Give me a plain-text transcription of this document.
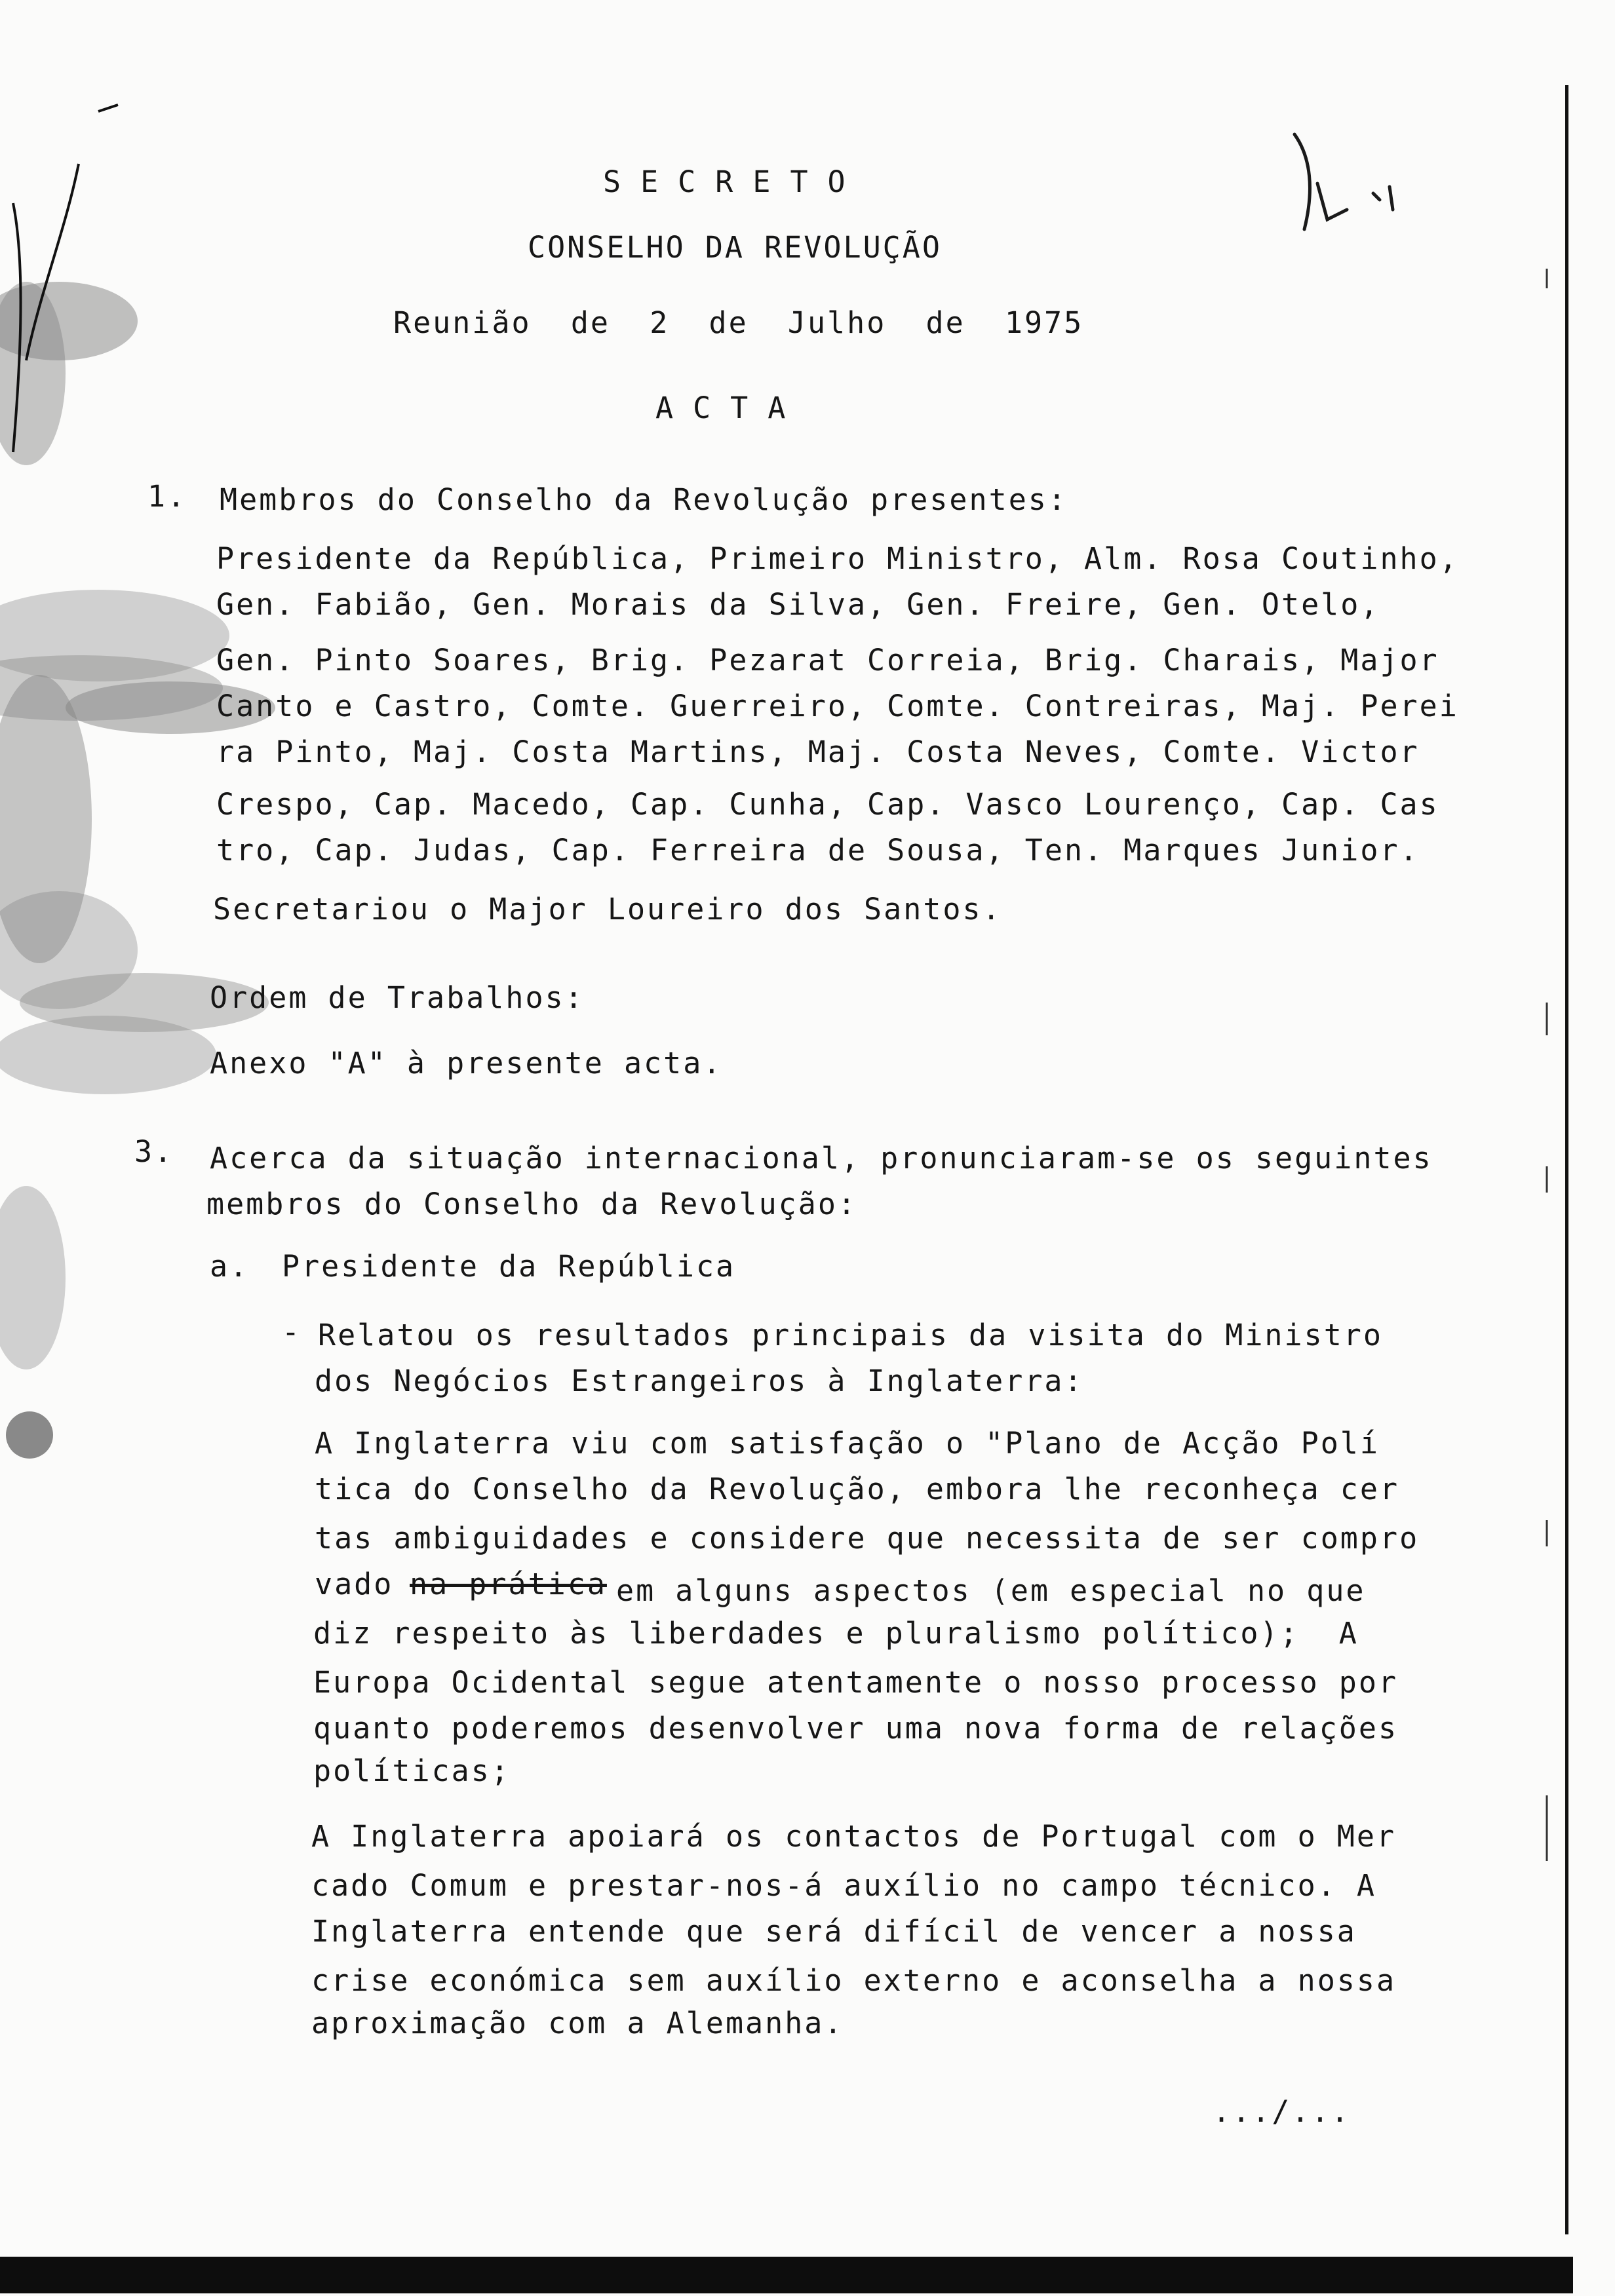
SECRETO
CONSELHO DA REVOLUÇÃO
Reunião  de  2  de  Julho  de  1975
ACTA
1. Membros do Conselho da Revolução presentes:
Presidente da República, Primeiro Ministro, Alm. Rosa Coutinho,
Gen. Fabião, Gen. Morais da Silva, Gen. Freire, Gen. Otelo,
Gen. Pinto Soares, Brig. Pezarat Correia, Brig. Charais, Major
Canto e Castro, Comte. Guerreiro, Comte. Contreiras, Maj. Perei
ra Pinto, Maj. Costa Martins, Maj. Costa Neves, Comte. Victor
Crespo, Cap. Macedo, Cap. Cunha, Cap. Vasco Lourenço, Cap. Cas
tro, Cap. Judas, Cap. Ferreira de Sousa, Ten. Marques Junior.
Secretariou o Major Loureiro dos Santos.
Ordem de Trabalhos:
Anexo "A" à presente acta.
3. Acerca da situação internacional, pronunciaram-se os seguintes
membros do Conselho da Revolução:
a. Presidente da República
- Relatou os resultados principais da visita do Ministro
dos Negócios Estrangeiros à Inglaterra:
A Inglaterra viu com satisfação o "Plano de Acção Polí
tica do Conselho da Revolução, embora lhe reconheça cer
tas ambiguidades e considere que necessita de ser compro
vado na prática em alguns aspectos (em especial no que
diz respeito às liberdades e pluralismo político);  A
Europa Ocidental segue atentamente o nosso processo por
quanto poderemos desenvolver uma nova forma de relações
políticas;
A Inglaterra apoiará os contactos de Portugal com o Mer
cado Comum e prestar-nos-á auxílio no campo técnico. A
Inglaterra entende que será difícil de vencer a nossa
crise económica sem auxílio externo e aconselha a nossa
aproximação com a Alemanha.
.../...
